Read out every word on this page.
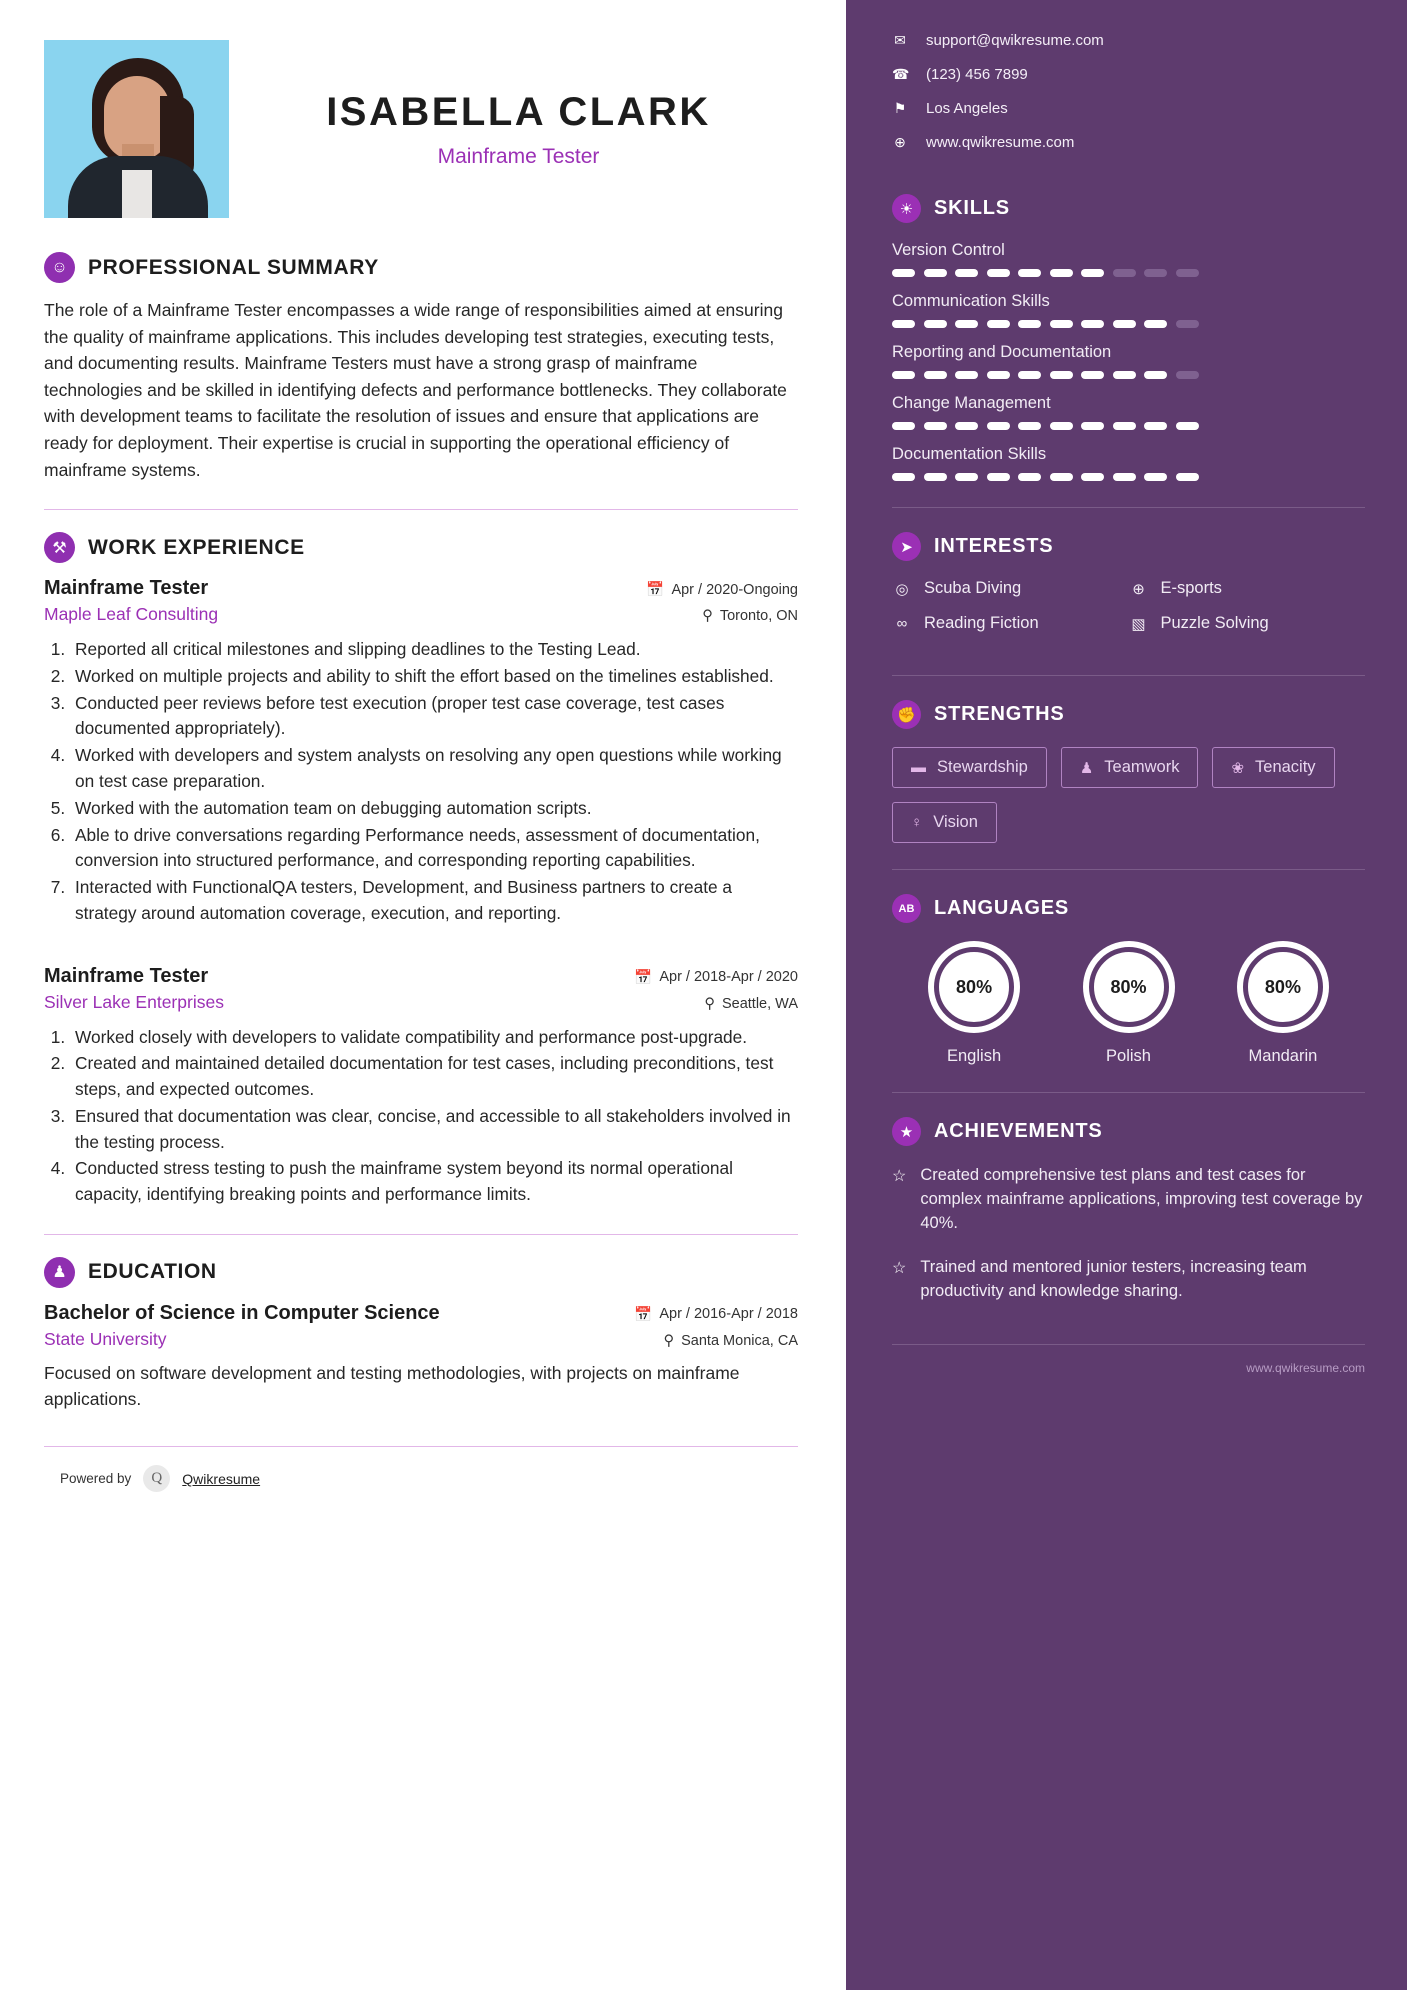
ISABELLA CLARK
Mainframe Tester
☺ PROFESSIONAL SUMMARY
The role of a Mainframe Tester encompasses a wide range of responsibilities aimed at ensuring the quality of mainframe applications. This includes developing test strategies, executing tests, and documenting results. Mainframe Testers must have a strong grasp of mainframe technologies and be skilled in identifying defects and performance bottlenecks. They collaborate with development teams to facilitate the resolution of issues and ensure that applications are ready for deployment. Their expertise is crucial in supporting the operational efficiency of mainframe systems.
⚒	WORK EXPERIENCE
Mainframe Tester	📅 Apr / 2020-Ongoing
Maple Leaf Consulting	⚲ Toronto, ON
1. Reported all critical milestones and slipping deadlines to the Testing Lead.
2. Worked on multiple projects and ability to shift the effort based on the timelines established.
3. Conducted peer reviews before test execution (proper test case coverage, test cases documented appropriately).
4. Worked with developers and system analysts on resolving any open questions while working on test case preparation.
5. Worked with the automation team on debugging automation scripts.
6. Able to drive conversations regarding Performance needs, assessment of documentation, conversion into structured performance, and corresponding reporting capabilities.
7. Interacted with FunctionalQA testers, Development, and Business partners to create a strategy around automation coverage, execution, and reporting.
Mainframe Tester	📅 Apr / 2018-Apr / 2020
Silver Lake Enterprises	⚲ Seattle, WA
1. Worked closely with developers to validate compatibility and performance post-upgrade.
2. Created and maintained detailed documentation for test cases, including preconditions, test steps, and expected outcomes.
3. Ensured that documentation was clear, concise, and accessible to all stakeholders involved in the testing process.
4. Conducted stress testing to push the mainframe system beyond its normal operational capacity, identifying breaking points and performance limits.
♟	EDUCATION
Bachelor of Science in Computer Science	📅 Apr / 2016-Apr / 2018
State University	⚲ Santa Monica, CA
Focused on software development and testing methodologies, with projects on mainframe applications.
Powered by	Q	Qwikresume
✉ support@qwikresume.com
☎ (123) 456 7899
⚑ Los Angeles
⊕ www.qwikresume.com
☀	SKILLS
Version Control
Communication Skills
Reporting and Documentation
Change Management
Documentation Skills
➤	INTERESTS
◎ Scuba Diving	⊕ E-sports
∞ Reading Fiction	▧ Puzzle Solving
✊ STRENGTHS
▬ Stewardship	♟ Teamwork	❀ Tenacity
♀ Vision
AB LANGUAGES
80%
English
80%
Polish
80%
Mandarin
★	ACHIEVEMENTS
☆ Created comprehensive test plans and test cases for complex mainframe applications, improving test coverage by 40%.
☆ Trained and mentored junior testers, increasing team productivity and knowledge sharing.
www.qwikresume.com
